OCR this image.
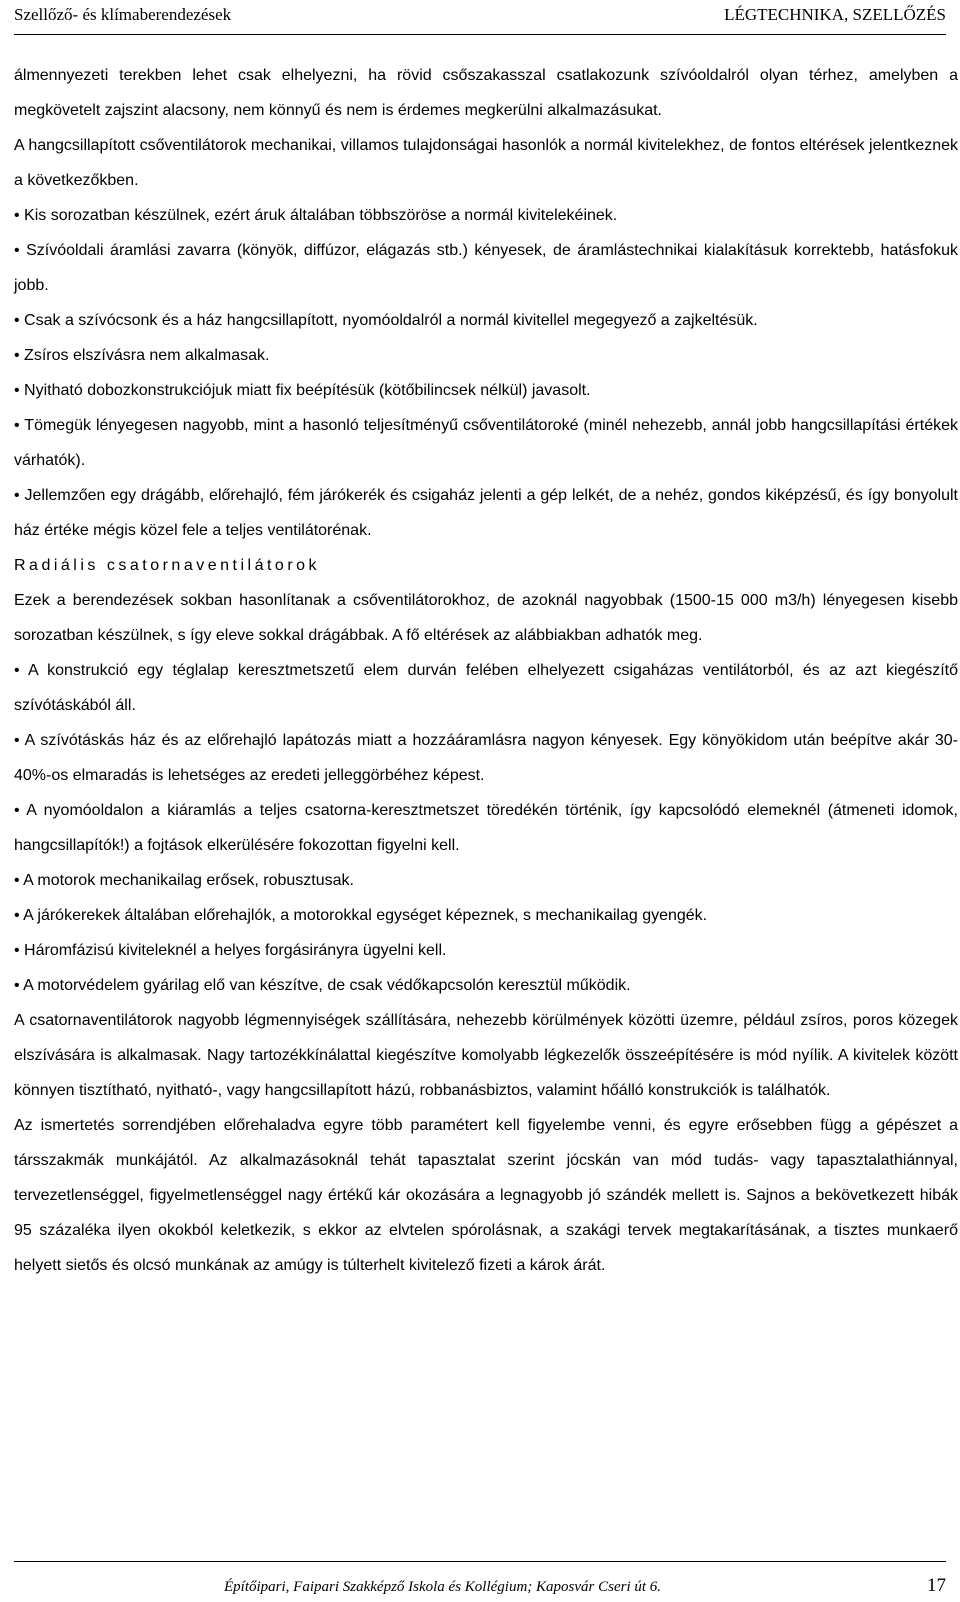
Szellőző- és klímaberendezések	LÉGTECHNIKA, SZELLŐZÉS

álmennyezeti terekben lehet csak elhelyezni, ha rövid csőszakasszal csatlakozunk szívóoldalról olyan térhez, amelyben a megkövetelt zajszint alacsony, nem könnyű és nem is érdemes megkerülni alkalmazásukat.

A hangcsillapított csőventilátorok mechanikai, villamos tulajdonságai hasonlók a normál kivitelekhez, de fontos eltérések jelentkeznek a következőkben.

• Kis sorozatban készülnek, ezért áruk általában többszöröse a normál kivitelekéinek.

• Szívóoldali áramlási zavarra (könyök, diffúzor, elágazás stb.) kényesek, de áramlástechnikai kialakításuk korrektebb, hatásfokuk jobb.

• Csak a szívócsonk és a ház hangcsillapított, nyomóoldalról a normál kivitellel megegyező a zajkeltésük.

• Zsíros elszívásra nem alkalmasak.

• Nyitható dobozkonstrukciójuk miatt fix beépítésük (kötőbilincsek nélkül) javasolt.

• Tömegük lényegesen nagyobb, mint a hasonló teljesítményű csőventilátoroké (minél nehezebb, annál jobb hangcsillapítási értékek várhatók).

• Jellemzően egy drágább, előrehajló, fém járókerék és csigaház jelenti a gép lelkét, de a nehéz, gondos kiképzésű, és így bonyolult ház értéke mégis közel fele a teljes ventilátorénak.

Radiális csatornaventilátorok

Ezek a berendezések sokban hasonlítanak a csőventilátorokhoz, de azoknál nagyobbak (1500-15 000 m3/h) lényegesen kisebb sorozatban készülnek, s így eleve sokkal drágábbak. A fő eltérések az alábbiakban adhatók meg.

• A konstrukció egy téglalap keresztmetszetű elem durván felében elhelyezett csigaházas ventilátorból, és az azt kiegészítő szívótáskából áll.

• A szívótáskás ház és az előrehajló lapátozás miatt a hozzááramlásra nagyon kényesek. Egy könyökidom után beépítve akár 30-40%-os elmaradás is lehetséges az eredeti jelleggörbéhez képest.

• A nyomóoldalon a kiáramlás a teljes csatorna-keresztmetszet töredékén történik, így kapcsolódó elemeknél (átmeneti idomok, hangcsillapítók!) a fojtások elkerülésére fokozottan figyelni kell.

• A motorok mechanikailag erősek, robusztusak.

• A járókerekek általában előrehajlók, a motorokkal egységet képeznek, s mechanikailag gyengék.

• Háromfázisú kiviteleknél a helyes forgásirányra ügyelni kell.

• A motorvédelem gyárilag elő van készítve, de csak védőkapcsolón keresztül működik.

A csatornaventilátorok nagyobb légmennyiségek szállítására, nehezebb körülmények közötti üzemre, például zsíros, poros közegek elszívására is alkalmasak. Nagy tartozékkínálattal kiegészítve komolyabb légkezelők összeépítésére is mód nyílik. A kivitelek között könnyen tisztítható, nyitható-, vagy hangcsillapított házú, robbanásbiztos, valamint hőálló konstrukciók is találhatók.

Az ismertetés sorrendjében előrehaladva egyre több paramétert kell figyelembe venni, és egyre erősebben függ a gépészet a társszakmák munkájától. Az alkalmazásoknál tehát tapasztalat szerint jócskán van mód tudás- vagy tapasztalathiánnyal, tervezetlenséggel, figyelmetlenséggel nagy értékű kár okozására a legnagyobb jó szándék mellett is. Sajnos a bekövetkezett hibák 95 százaléka ilyen okokból keletkezik, s ekkor az elvtelen spórolásnak, a szakági tervek megtakarításának, a tisztes munkaerő helyett sietős és olcsó munkának az amúgy is túlterhelt kivitelező fizeti a károk árát.

Építőipari, Faipari Szakképző Iskola és Kollégium; Kaposvár Cseri út 6.	17
